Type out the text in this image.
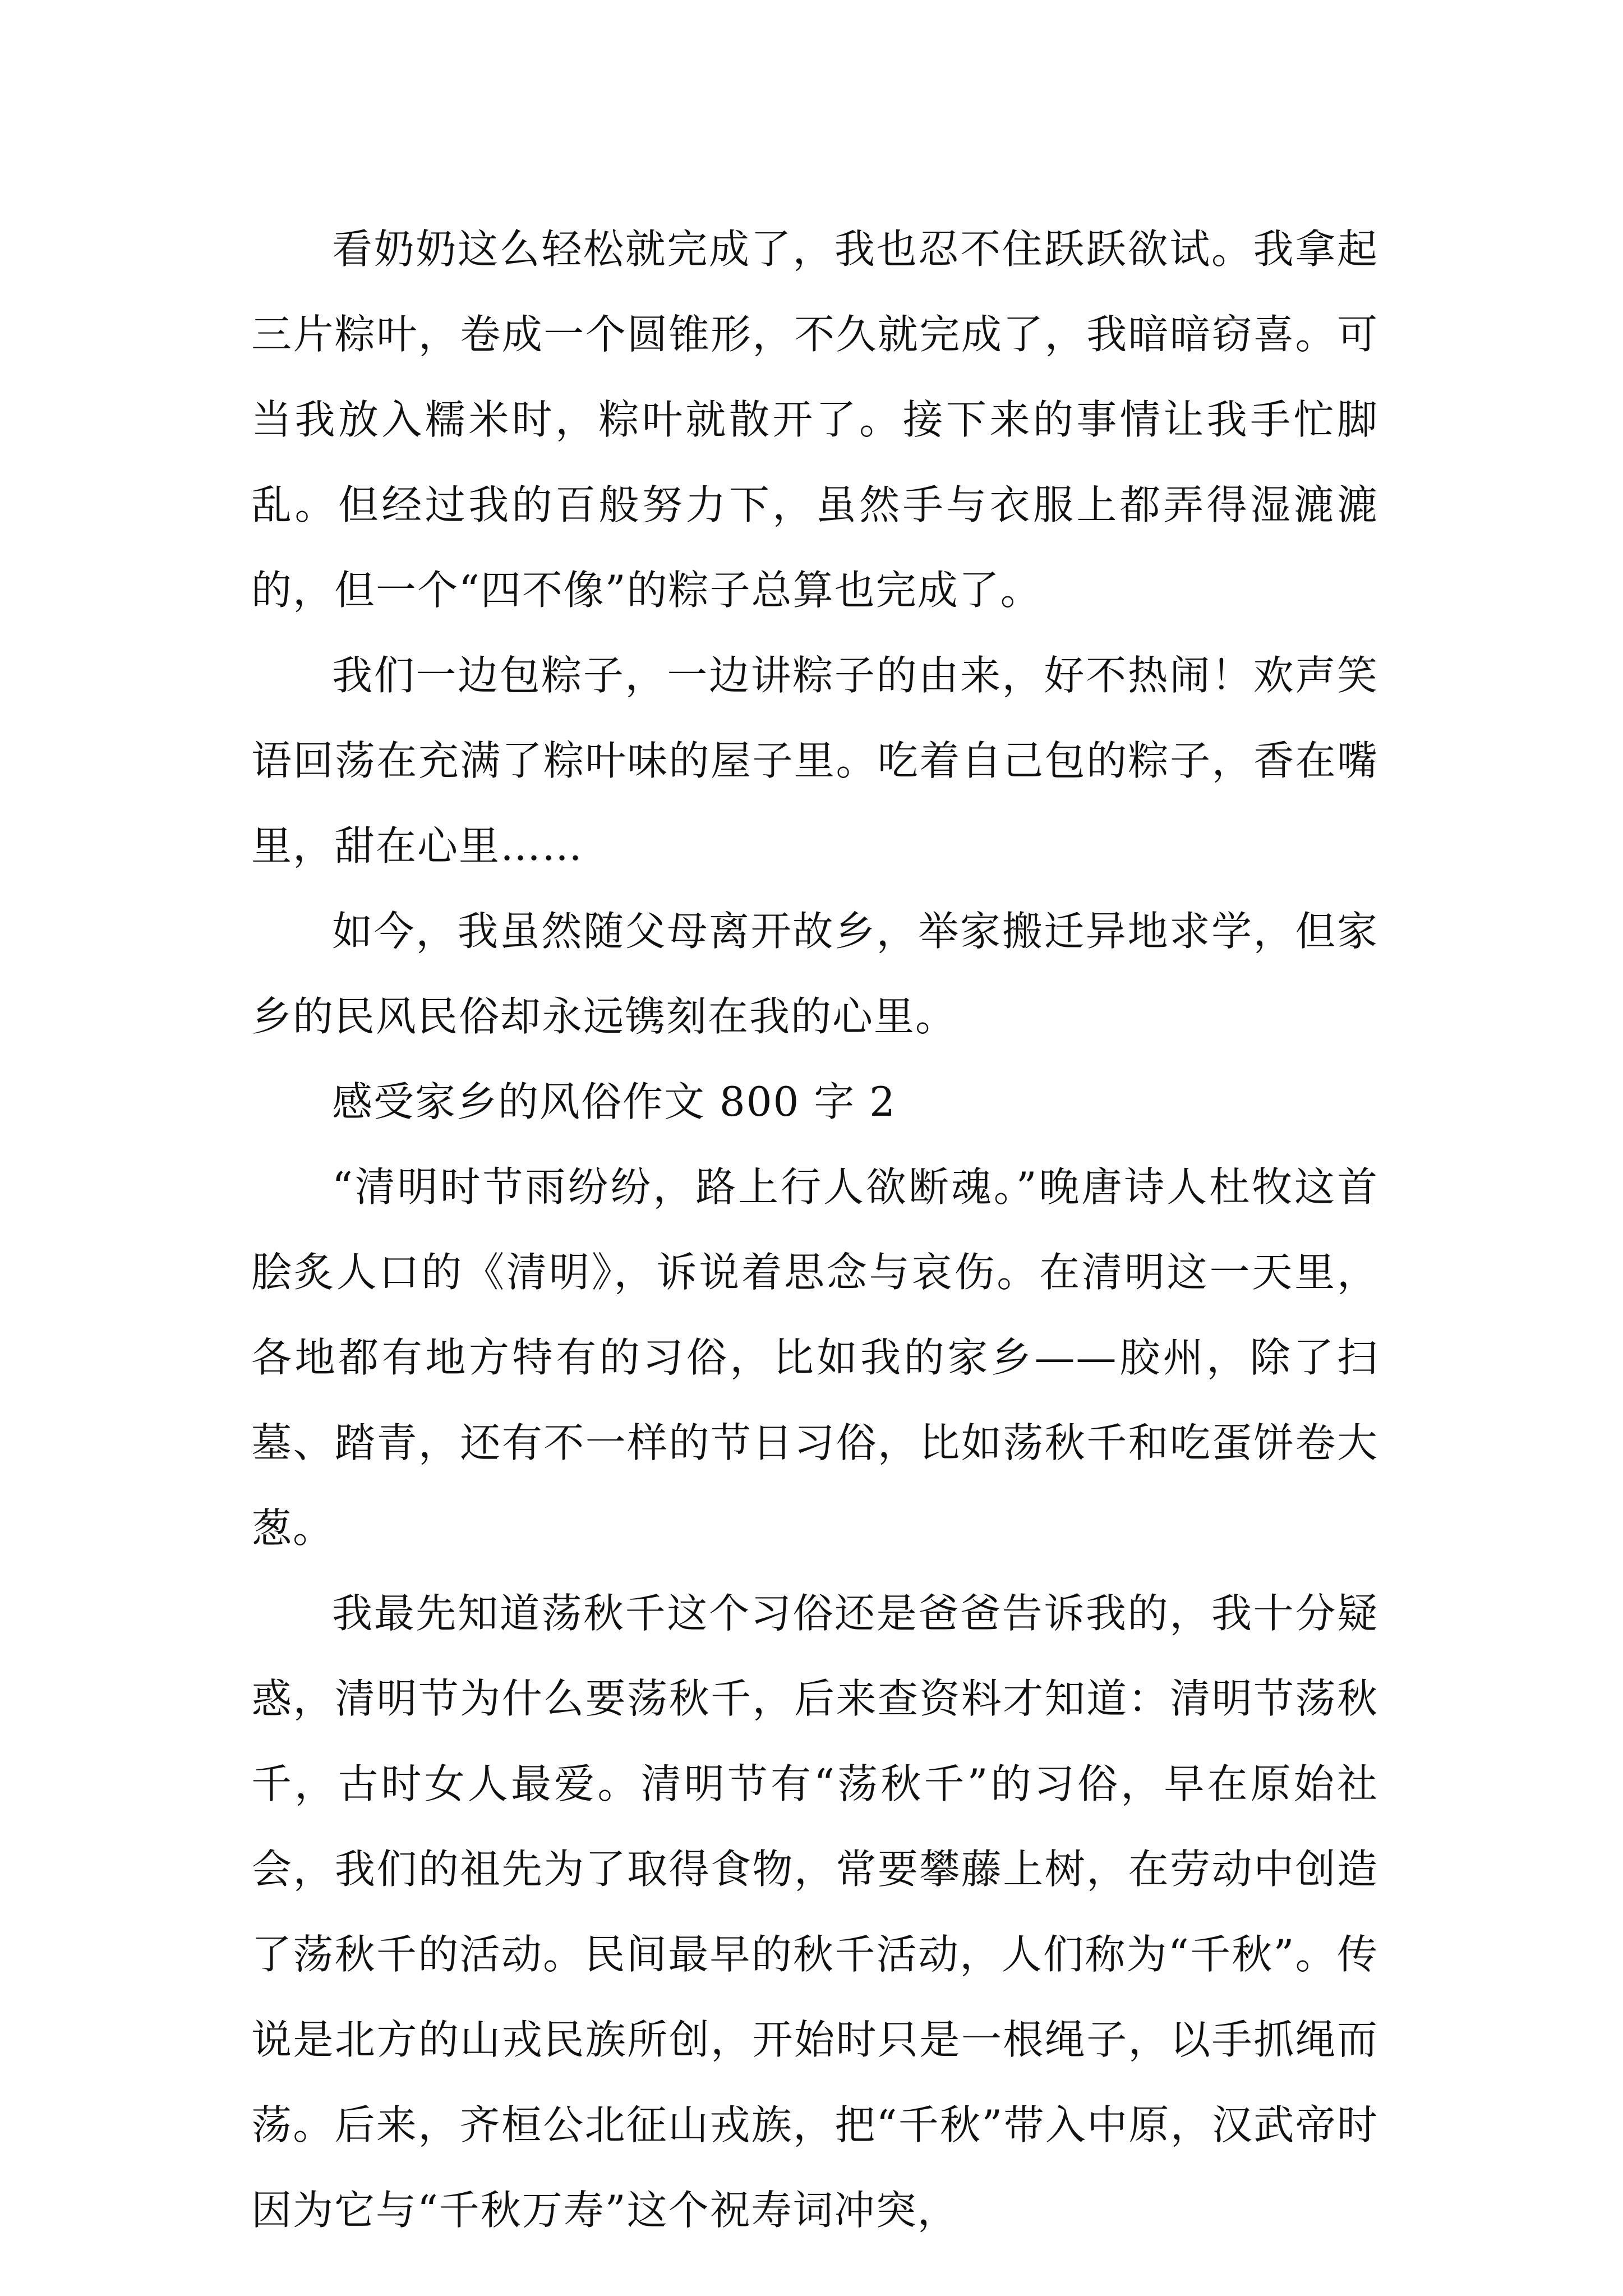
看奶奶这么轻松就完成了，我也忍不住跃跃欲试。我拿起三片粽叶，卷成一个圆锥形，不久就完成了，我暗暗窃喜。可当我放入糯米时，粽叶就散开了。接下来的事情让我手忙脚乱。但经过我的百般努力下，虽然手与衣服上都弄得湿漉漉的，但一个“四不像”的粽子总算也完成了。

我们一边包粽子，一边讲粽子的由来，好不热闹！欢声笑语回荡在充满了粽叶味的屋子里。吃着自己包的粽子，香在嘴里，甜在心里……

如今，我虽然随父母离开故乡，举家搬迁异地求学，但家乡的民风民俗却永远镌刻在我的心里。

感受家乡的风俗作文 800 字 2

“清明时节雨纷纷，路上行人欲断魂。”晚唐诗人杜牧这首脍炙人口的《清明》，诉说着思念与哀伤。在清明这一天里，各地都有地方特有的习俗，比如我的家乡——胶州，除了扫墓、踏青，还有不一样的节日习俗，比如荡秋千和吃蛋饼卷大葱。

我最先知道荡秋千这个习俗还是爸爸告诉我的，我十分疑惑，清明节为什么要荡秋千，后来查资料才知道：清明节荡秋千，古时女人最爱。清明节有“荡秋千”的习俗，早在原始社会，我们的祖先为了取得食物，常要攀藤上树，在劳动中创造了荡秋千的活动。民间最早的秋千活动，人们称为“千秋”。传说是北方的山戎民族所创，开始时只是一根绳子，以手抓绳而荡。后来，齐桓公北征山戎族，把“千秋”带入中原，汉武帝时因为它与“千秋万寿”这个祝寿词冲突，
